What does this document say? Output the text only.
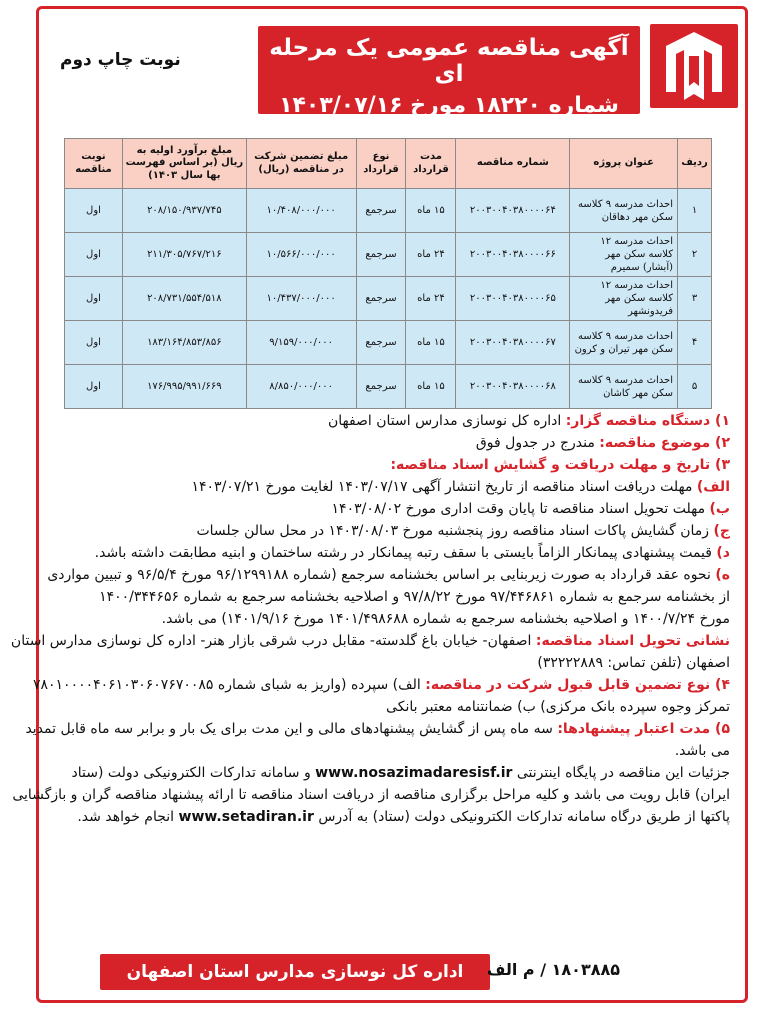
آگهی مناقصه عمومی یک مرحله ای
شماره ۱۸۲۲۰ مورخ ۱۴۰۳/۰۷/۱۶
نوبت چاپ دوم
ردیف	عنوان پروژه	شماره مناقصه	مدت قرارداد	نوع قرارداد	مبلغ تضمین شرکت در مناقصه (ریال)	مبلغ برآورد اولیه به ریال (بر اساس فهرست بها سال ۱۴۰۳)	نوبت مناقصه
۱	احداث مدرسه ۹ کلاسه سکن مهر دهاقان	۲۰۰۳۰۰۴۰۳۸۰۰۰۰۶۴	۱۵ ماه	سرجمع	۱۰/۴۰۸/۰۰۰/۰۰۰	۲۰۸/۱۵۰/۹۳۷/۷۴۵	اول
۲	احداث مدرسه ۱۲ کلاسه سکن مهر (آبشار) سمیرم	۲۰۰۳۰۰۴۰۳۸۰۰۰۰۶۶	۲۴ ماه	سرجمع	۱۰/۵۶۶/۰۰۰/۰۰۰	۲۱۱/۳۰۵/۷۶۷/۲۱۶	اول
۳	احداث مدرسه ۱۲ کلاسه سکن مهر فریدونشهر	۲۰۰۳۰۰۴۰۳۸۰۰۰۰۶۵	۲۴ ماه	سرجمع	۱۰/۴۳۷/۰۰۰/۰۰۰	۲۰۸/۷۳۱/۵۵۴/۵۱۸	اول
۴	احداث مدرسه ۹ کلاسه سکن مهر تیران و کرون	۲۰۰۳۰۰۴۰۳۸۰۰۰۰۶۷	۱۵ ماه	سرجمع	۹/۱۵۹/۰۰۰/۰۰۰	۱۸۳/۱۶۴/۸۵۳/۸۵۶	اول
۵	احداث مدرسه ۹ کلاسه سکن مهر کاشان	۲۰۰۳۰۰۴۰۳۸۰۰۰۰۶۸	۱۵ ماه	سرجمع	۸/۸۵۰/۰۰۰/۰۰۰	۱۷۶/۹۹۵/۹۹۱/۶۶۹	اول
۱) دستگاه مناقصه گزار: اداره کل نوسازی مدارس استان اصفهان
۲) موضوع مناقصه: مندرج در جدول فوق
۳) تاریخ و مهلت دریافت و گشایش اسناد مناقصه:
الف) مهلت دریافت اسناد مناقصه از تاریخ انتشار آگهی ۱۴۰۳/۰۷/۱۷ لغایت مورخ ۱۴۰۳/۰۷/۲۱
ب) مهلت تحویل اسناد مناقصه تا پایان وقت اداری مورخ ۱۴۰۳/۰۸/۰۲
ج) زمان گشایش پاکات اسناد مناقصه روز پنجشنبه مورخ ۱۴۰۳/۰۸/۰۳ در محل سالن جلسات
د) قیمت پیشنهادی پیمانکار الزاماً بایستی با سقف رتبه پیمانکار در رشته ساختمان و ابنیه مطابقت داشته باشد.
ه) نحوه عقد قرارداد به صورت زیربنایی بر اساس بخشنامه سرجمع (شماره ۹۶/۱۲۹۹۱۸۸ مورخ ۹۶/۵/۴ و تبیین مواردی
از بخشنامه سرجمع به شماره ۹۷/۴۴۶۸۶۱ مورخ ۹۷/۸/۲۲ و اصلاحیه بخشنامه سرجمع به شماره ۱۴۰۰/۳۴۴۶۵۶
مورخ ۱۴۰۰/۷/۲۴ و اصلاحیه بخشنامه سرجمع به شماره ۱۴۰۱/۴۹۸۶۸۸ مورخ ۱۴۰۱/۹/۱۶) می باشد.
نشانی تحویل اسناد مناقصه: اصفهان- خیابان باغ گلدسته- مقابل درب شرقی بازار هنر- اداره کل نوسازی مدارس استان
اصفهان (تلفن تماس: ۳۲۲۲۲۸۸۹)
۴) نوع تضمین قابل قبول شرکت در مناقصه: الف) سپرده (واریز به شبای شماره ۷۸۰۱۰۰۰۰۴۰۶۱۰۳۰۶۰۷۶۷۰۰۸۵
تمرکز وجوه سپرده بانک مرکزی) ب) ضمانتنامه معتبر بانکی
۵) مدت اعتبار پیشنهادها: سه ماه پس از گشایش پیشنهادهای مالی و این مدت برای یک بار و برابر سه ماه قابل تمدید
می باشد.
جزئیات این مناقصه در پایگاه اینترنتی www.nosazimadaresisf.ir و سامانه تدارکات الکترونیکی دولت (ستاد
ایران) قابل رویت می باشد و کلیه مراحل برگزاری مناقصه از دریافت اسناد مناقصه تا ارائه پیشنهاد مناقصه گران و بازگشایی
پاکتها از طریق درگاه سامانه تدارکات الکترونیکی دولت (ستاد) به آدرس www.setadiran.ir انجام خواهد شد.
اداره کل نوسازی مدارس استان اصفهان	۱۸۰۳۸۸۵ / م الف
